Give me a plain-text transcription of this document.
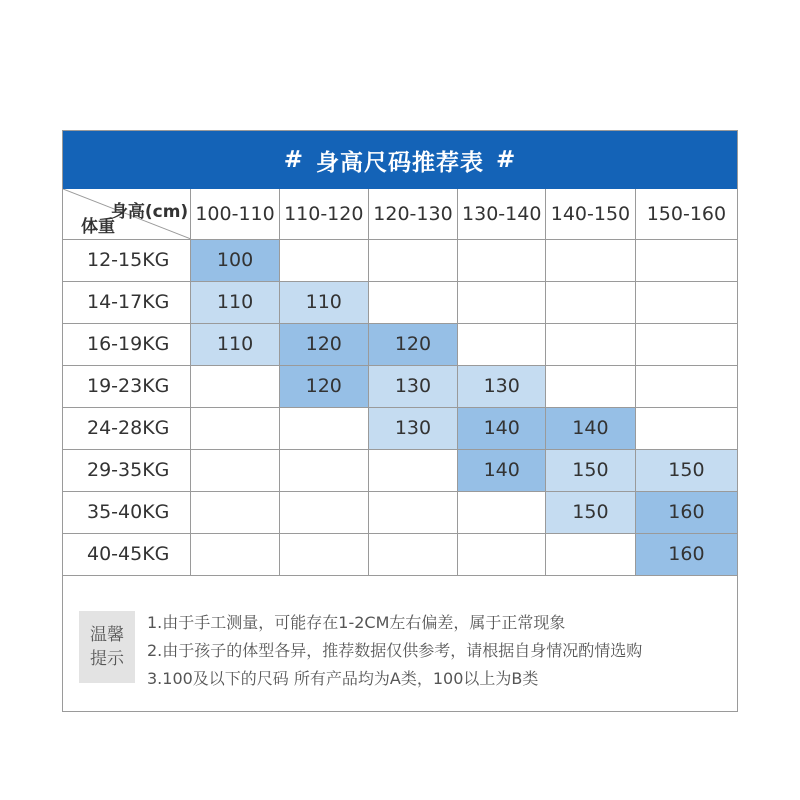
# 身高尺码推荐表 #
身高(cm)
体重	100-110	110-120	120-130	130-140	140-150	150-160
12-15KG	100					
14-17KG	110	110				
16-19KG	110	120	120			
19-23KG		120	130	130		
24-28KG			130	140	140	
29-35KG				140	150	150
35-40KG					150	160
40-45KG						160
温馨提示
1.由于手工测量，可能存在1-2CM左右偏差，属于正常现象
2.由于孩子的体型各异，推荐数据仅供参考，请根据自身情况酌情选购
3.100及以下的尺码 所有产品均为A类，100以上为B类
